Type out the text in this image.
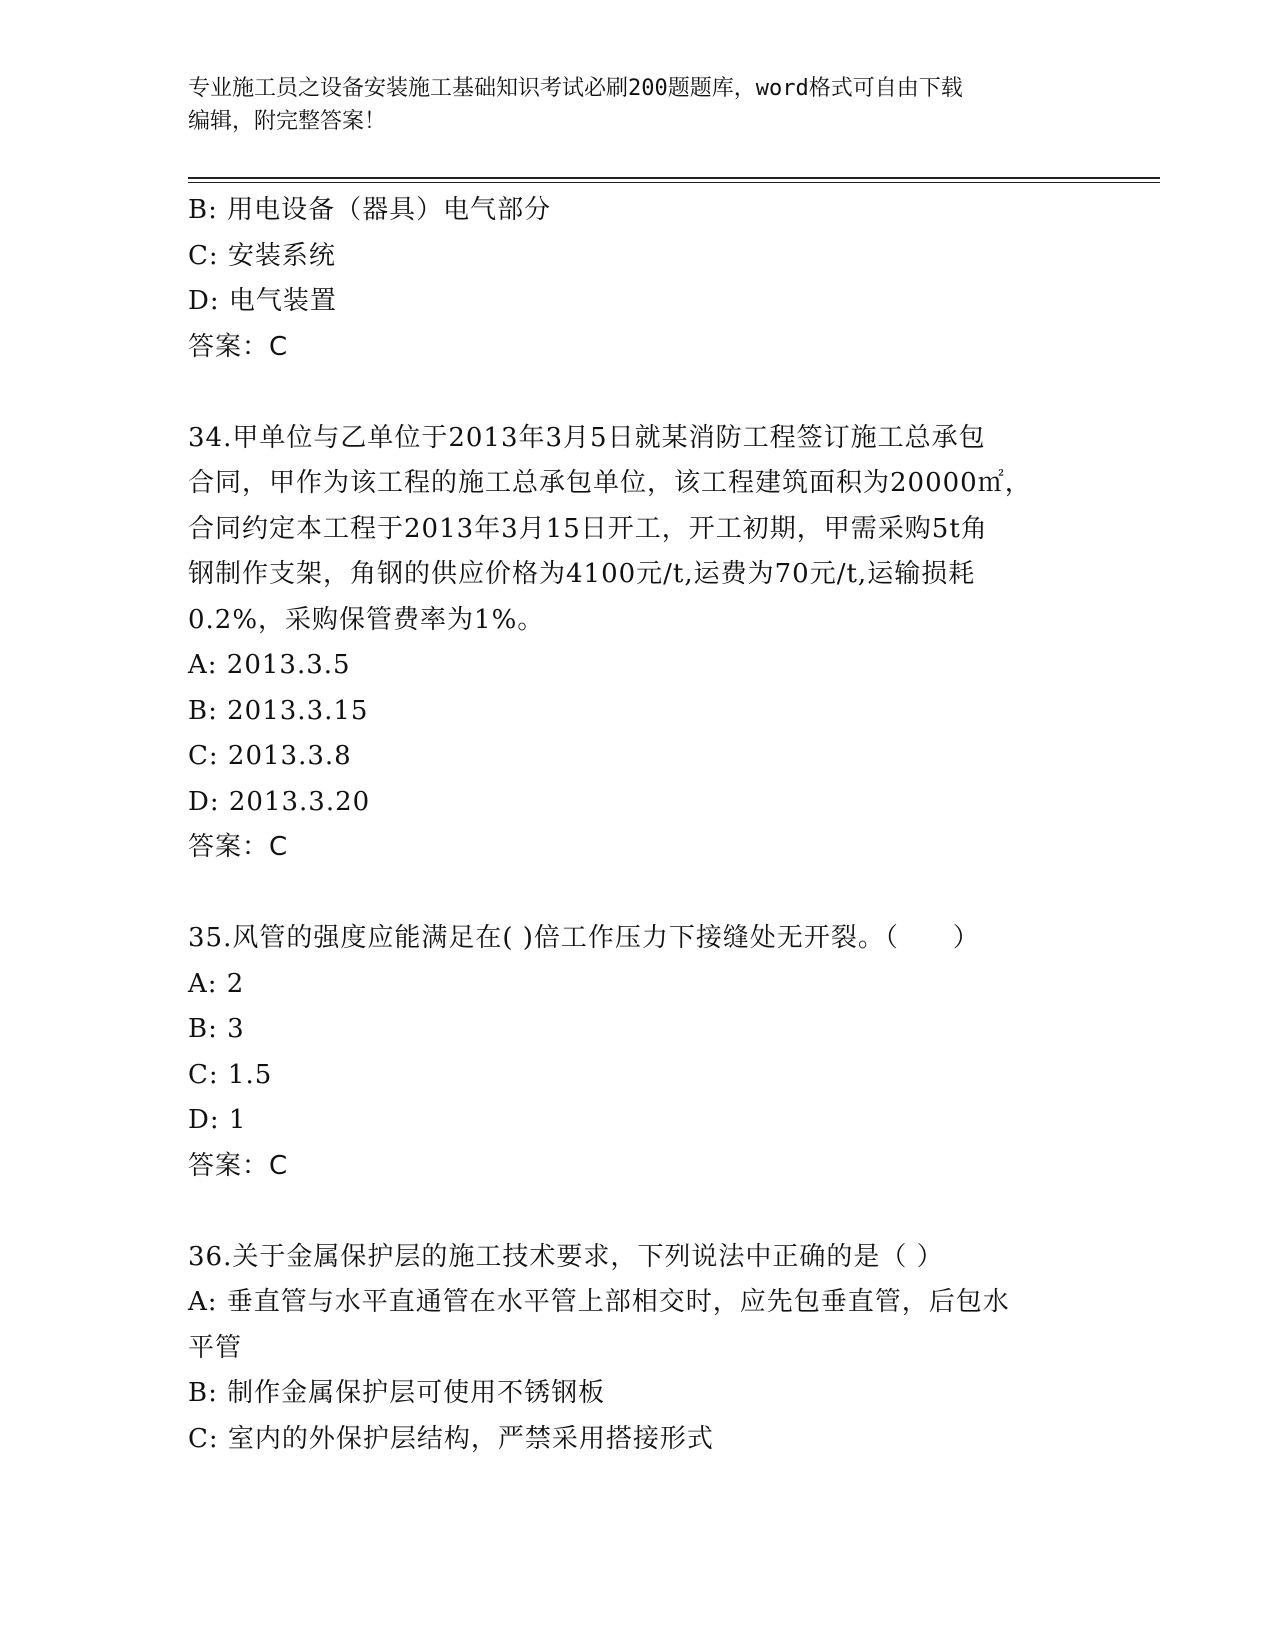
专业施工员之设备安装施工基础知识考试必刷200题题库，word格式可自由下载
编辑，附完整答案！
B: 用电设备（器具）电气部分
C: 安装系统
D: 电气装置
答案：C
34.甲单位与乙单位于2013年3月5日就某消防工程签订施工总承包
合同，甲作为该工程的施工总承包单位，该工程建筑面积为20000㎡，
合同约定本工程于2013年3月15日开工，开工初期，甲需采购5t角
钢制作支架，角钢的供应价格为4100元/t,运费为70元/t,运输损耗
0.2%，采购保管费率为1%。
A: 2013.3.5
B: 2013.3.15
C: 2013.3.8
D: 2013.3.20
答案：C
35.风管的强度应能满足在( )倍工作压力下接缝处无开裂。（　　）
A: 2
B: 3
C: 1.5
D: 1
答案：C
36.关于金属保护层的施工技术要求，下列说法中正确的是（ ）
A: 垂直管与水平直通管在水平管上部相交时，应先包垂直管，后包水
平管
B: 制作金属保护层可使用不锈钢板
C: 室内的外保护层结构，严禁采用搭接形式
